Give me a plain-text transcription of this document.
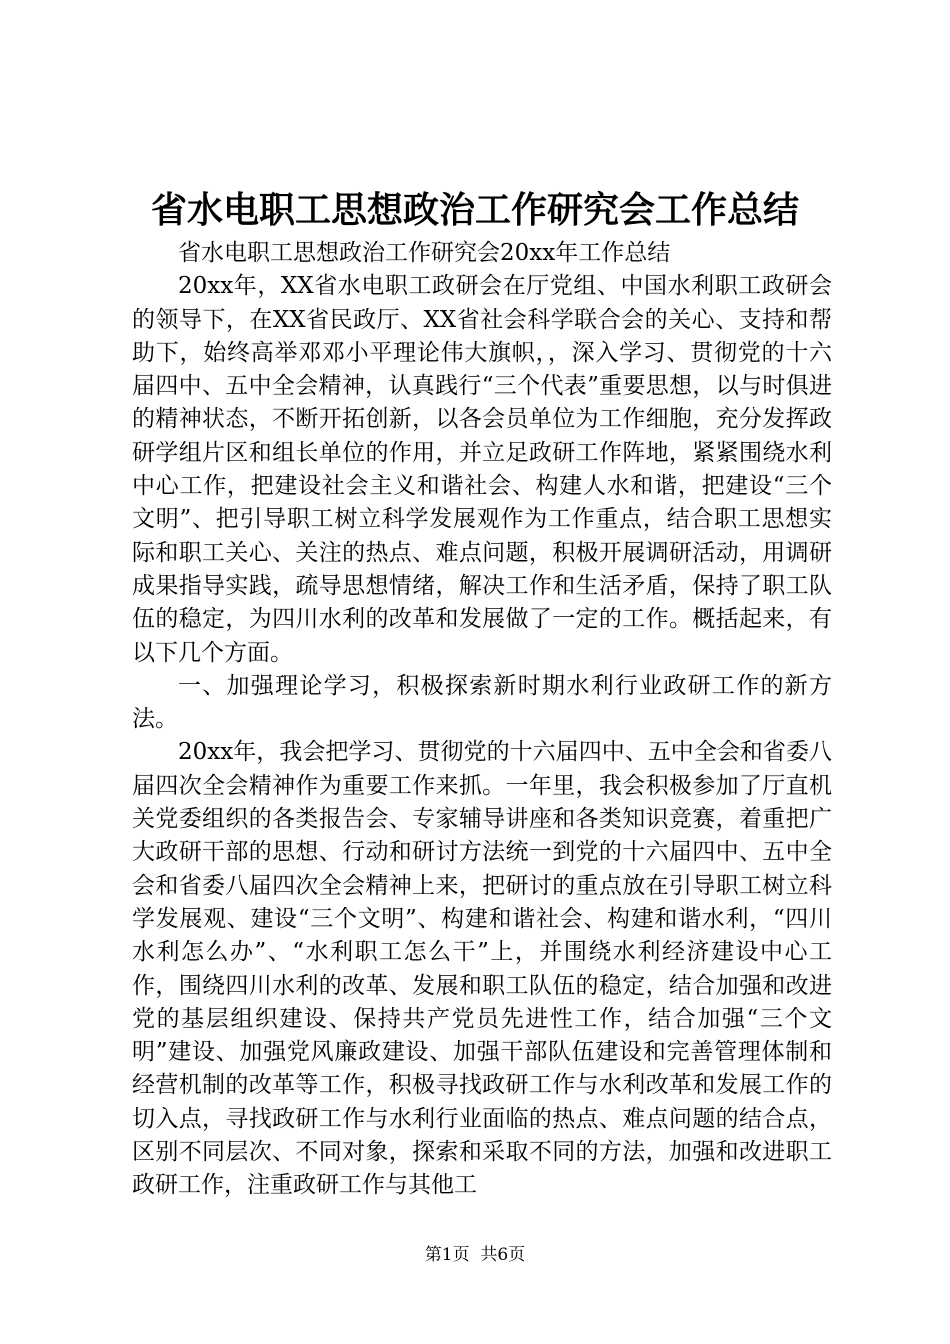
省水电职工思想政治工作研究会工作总结

省水电职工思想政治工作研究会20xx年工作总结

20xx年，XX省水电职工政研会在厅党组、中国水利职工政研会的领导下，在XX省民政厅、XX省社会科学联合会的关心、支持和帮助下，始终高举邓邓小平理论伟大旗帜，，深入学习、贯彻党的十六届四中、五中全会精神，认真践行“三个代表”重要思想，以与时俱进的精神状态，不断开拓创新，以各会员单位为工作细胞，充分发挥政研学组片区和组长单位的作用，并立足政研工作阵地，紧紧围绕水利中心工作，把建设社会主义和谐社会、构建人水和谐，把建设“三个文明”、把引导职工树立科学发展观作为工作重点，结合职工思想实际和职工关心、关注的热点、难点问题，积极开展调研活动，用调研成果指导实践，疏导思想情绪，解决工作和生活矛盾，保持了职工队伍的稳定，为四川水利的改革和发展做了一定的工作。概括起来，有以下几个方面。

一、加强理论学习，积极探索新时期水利行业政研工作的新方法。

20xx年，我会把学习、贯彻党的十六届四中、五中全会和省委八届四次全会精神作为重要工作来抓。一年里，我会积极参加了厅直机关党委组织的各类报告会、专家辅导讲座和各类知识竞赛，着重把广大政研干部的思想、行动和研讨方法统一到党的十六届四中、五中全会和省委八届四次全会精神上来，把研讨的重点放在引导职工树立科学发展观、建设“三个文明”、构建和谐社会、构建和谐水利，“四川水利怎么办”、“水利职工怎么干”上，并围绕水利经济建设中心工作，围绕四川水利的改革、发展和职工队伍的稳定，结合加强和改进党的基层组织建设、保持共产党员先进性工作，结合加强“三个文明”建设、加强党风廉政建设、加强干部队伍建设和完善管理体制和经营机制的改革等工作，积极寻找政研工作与水利改革和发展工作的切入点，寻找政研工作与水利行业面临的热点、难点问题的结合点，区别不同层次、不同对象，探索和采取不同的方法，加强和改进职工政研工作，注重政研工作与其他工

第1页 共6页
